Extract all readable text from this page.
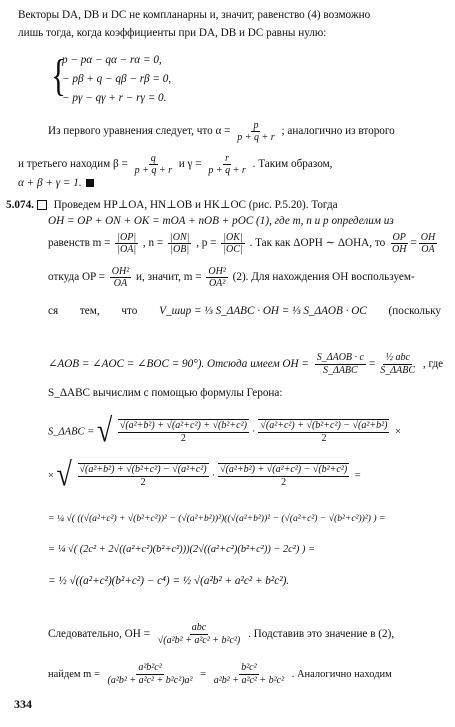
Векторы DA, DB и DC не компланарны и, значит, равенство (4) возможно
лишь тогда, когда коэффициенты при DA, DB и DC равны нулю:
{
p − pα − qα − rα = 0,
− pβ + q − qβ − rβ = 0,
− pγ − qγ + r − rγ = 0.
Из первого уравнения следует, что $\alpha = \frac{p}{p + q + r}$ ; аналогично из второго
и третьего находим $\beta = \frac{q}{p + q + r}$ и $\gamma = \frac{r}{p + q + r}$ . Таким образом,
α + β + γ = 1.
5.074. Проведем HP⊥OA, HN⊥OB и HK⊥OC (рис. P.5.20). Тогда
OH = OP + ON + OK = mOA + nOB + pOC (1), где m, n и p определим из
равенств $m = \frac{|OP|}{|OA|}$ , $n = \frac{|ON|}{|OB|}$ , $p = \frac{|OK|}{|OC|}$ . Так как ΔOPH ∼ ΔOHA, то $\frac{OP}{OH} = \frac{OH}{OA}$
откуда OP = $\frac{\text{OH²}}{OA} и$, значит, $m = \frac{\text{OH²}}{\text{OA²}} (2)$. Для нахождения OH воспользуем-
ся тем, что V_шир = ⅓ S_ΔABC · OH = ⅓ S_ΔAOB · OC (поскольку
∠AOB = ∠AOC = ∠BOC = 90°). Отсюда имеем OH = $\frac{\text{S\_ΔAOB · c}}{\text{S\_ΔABC}} = \frac{\text{½ abc}}{\text{S\_ΔABC}}$ , где
S_ΔABC вычислим с помощью формулы Герона:
S_ΔABC = √ $\frac{\text{√(a²+b²) + √(a²+c²) + √(b²+c²)}}{2} \cdot \frac{\text{√(a²+c²) + √(b²+c²) − √(a²+b²)}}{2}$ ×
× √ $\frac{\text{√(a²+b²) + √(b²+c²) − √(a²+c²)}}{2} \cdot \frac{\text{√(a²+b²) + √(a²+c²) − √(b²+c²)}}{2}$ =
= ¼ √( ((√(a²+c²) + √(b²+c²))² − (√(a²+b²))²)((√(a²+b²))² − (√(a²+c²) − √(b²+c²))²) ) =
= ¼ √( (2c² + 2√((a²+c²)(b²+c²)))(2√((a²+c²)(b²+c²)) − 2c²) ) =
= ½ √((a²+c²)(b²+c²) − c⁴) = ½ √(a²b² + a²c² + b²c²).
Следовательно, OH = $\frac{\text{abc}}{\text{√(a²b² + a²c² + b²c²)}}$ . Подставив это значение в (2),
найдем $m = \frac{\text{a²b²c²}}{\text{(a²b² + a²c² + b²c²)a²}} = \frac{\text{b²c²}}{\text{a²b² + a²c² + b²c²}}$ . Аналогично находим
334
